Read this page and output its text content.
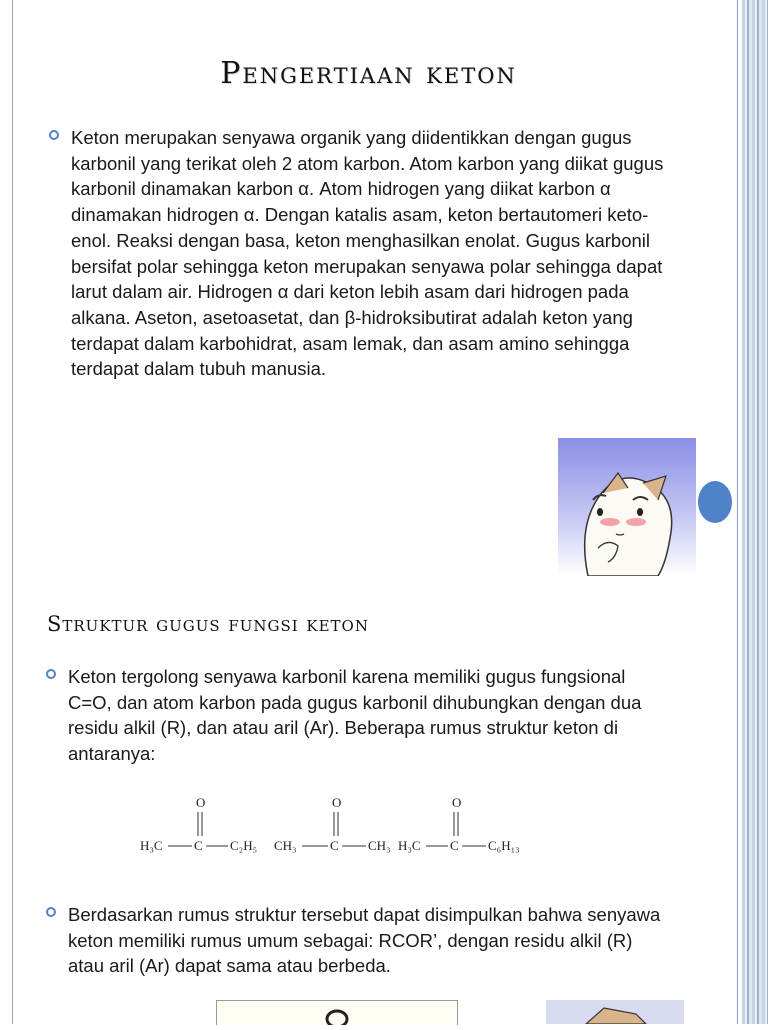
Pengertiaan keton
Keton merupakan senyawa organik yang diidentikkan dengan gugus karbonil yang terikat oleh 2 atom karbon. Atom karbon yang diikat gugus karbonil dinamakan karbon α. Atom hidrogen yang diikat karbon α dinamakan hidrogen α. Dengan katalis asam, keton bertautomeri keto-enol. Reaksi dengan basa, keton menghasilkan enolat. Gugus karbonil bersifat polar sehingga keton merupakan senyawa polar sehingga dapat larut dalam air. Hidrogen α dari keton lebih asam dari hidrogen pada alkana. Aseton, asetoasetat, dan β-hidroksibutirat adalah keton yang terdapat dalam karbohidrat, asam lemak, dan asam amino sehingga terdapat dalam tubuh manusia.
Struktur gugus fungsi keton
Keton tergolong senyawa karbonil karena memiliki gugus fungsional C=O, dan atom karbon pada gugus karbonil dihubungkan dengan dua residu alkil (R), dan atau aril (Ar). Beberapa rumus struktur keton di antaranya:
O
H₃C C C₂H₅
O
CH₃	C CH₃
O
H₃C C C₆H₁₃
Berdasarkan rumus struktur tersebut dapat disimpulkan bahwa senyawa keton memiliki rumus umum sebagai: RCOR’, dengan residu alkil (R) atau aril (Ar) dapat sama atau berbeda.
